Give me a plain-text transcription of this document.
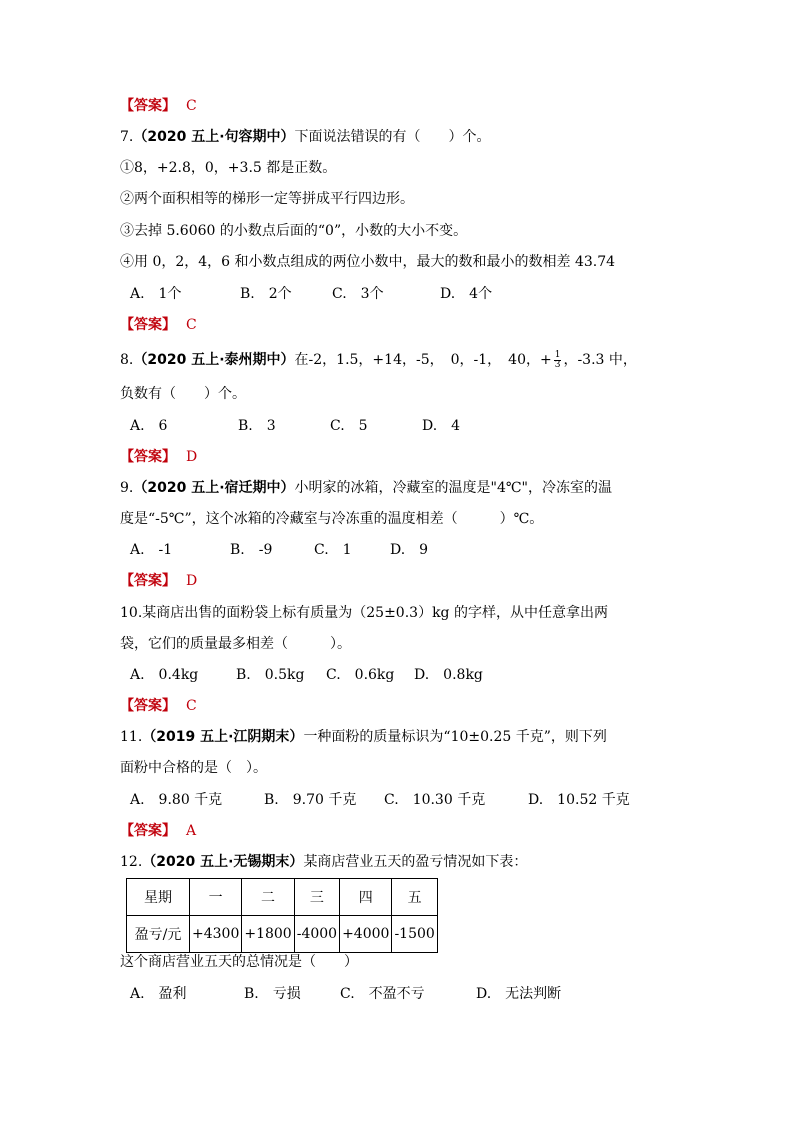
【答案】 C
7.（2020 五上·句容期中）下面说法错误的有（　　）个。
①8，+2.8，0，+3.5 都是正数。
②两个面积相等的梯形一定等拼成平行四边形。
③去掉 5.6060 的小数点后面的“0”，小数的大小不变。
④用 0，2，4，6 和小数点组成的两位小数中，最大的数和最小的数相差 43.74
A.　1个	B.　2个	C.　3个	D.　4个
【答案】 C
8.（2020 五上·泰州期中）在-2，1.5，+14，-5，　0，-1，　40，+ $\frac{1}{3}$ ，-3.3 中，
负数有（　　）个。
A.　6	B.　3	C.　5	D.　4
【答案】 D
9.（2020 五上·宿迁期中）小明家的冰箱，冷藏室的温度是"4℃"，冷冻室的温
度是“-5℃”，这个冰箱的冷藏室与冷冻重的温度相差（　　　）℃。
A.　-1	B.　-9	C.　1	D.　9
【答案】 D
10.某商店出售的面粉袋上标有质量为（25±0.3）kg 的字样，从中任意拿出两
袋，它们的质量最多相差（　　　）。
A.　0.4kg	B.　0.5kg C.　0.6kg D.　0.8kg
【答案】 C
11.（2019 五上·江阴期末）一种面粉的质量标识为“10±0.25 千克”，则下列
面粉中合格的是（　）。
A.　9.80 千克	B.　9.70 千克 C.　10.30 千克	D.　10.52 千克
【答案】 A
12.（2020 五上·无锡期末）某商店营业五天的盈亏情况如下表：
星期	一	二	三	四	五
盈亏/元	+4300	+1800	-4000	+4000	-1500
这个商店营业五天的总情况是（　　）
A.　盈利	B.　亏损	C.　不盈不亏	D.　无法判断
